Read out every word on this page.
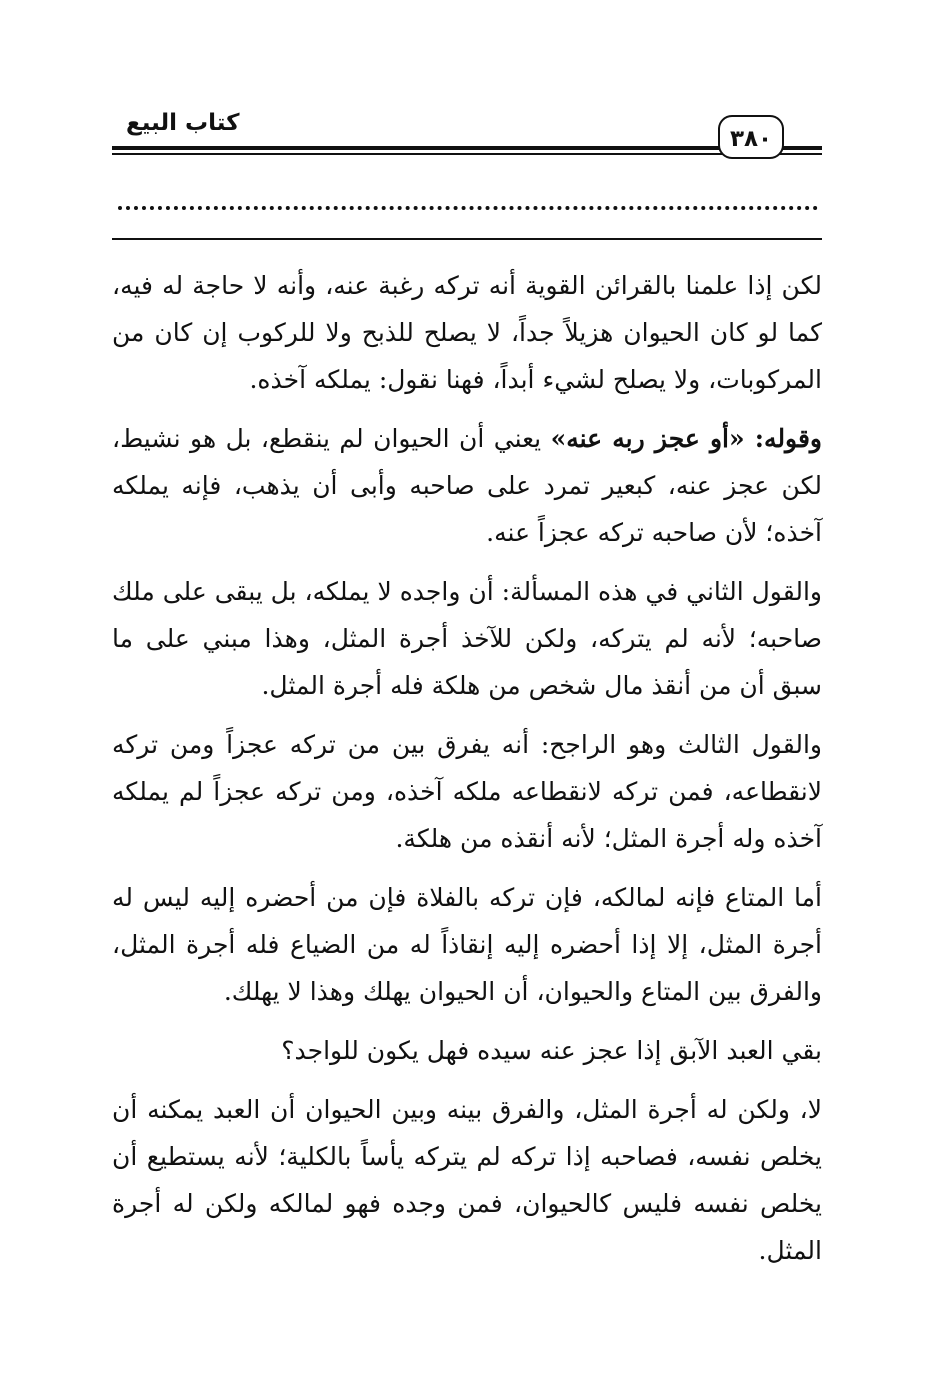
كتاب البيع
٣٨٠

لكن إذا علمنا بالقرائن القوية أنه تركه رغبة عنه، وأنه لا حاجة له فيه، كما لو كان الحيوان هزيلاً جداً، لا يصلح للذبح ولا للركوب إن كان من المركوبات، ولا يصلح لشيء أبداً، فهنا نقول: يملكه آخذه.

وقوله: «أو عجز ربه عنه» يعني أن الحيوان لم ينقطع، بل هو نشيط، لكن عجز عنه، كبعير تمرد على صاحبه وأبى أن يذهب، فإنه يملكه آخذه؛ لأن صاحبه تركه عجزاً عنه.

والقول الثاني في هذه المسألة: أن واجده لا يملكه، بل يبقى على ملك صاحبه؛ لأنه لم يتركه، ولكن للآخذ أجرة المثل، وهذا مبني على ما سبق أن من أنقذ مال شخص من هلكة فله أجرة المثل.

والقول الثالث وهو الراجح: أنه يفرق بين من تركه عجزاً ومن تركه لانقطاعه، فمن تركه لانقطاعه ملكه آخذه، ومن تركه عجزاً لم يملكه آخذه وله أجرة المثل؛ لأنه أنقذه من هلكة.

أما المتاع فإنه لمالكه، فإن تركه بالفلاة فإن من أحضره إليه ليس له أجرة المثل، إلا إذا أحضره إليه إنقاذاً له من الضياع فله أجرة المثل، والفرق بين المتاع والحيوان، أن الحيوان يهلك وهذا لا يهلك.

بقي العبد الآبق إذا عجز عنه سيده فهل يكون للواجد؟

لا، ولكن له أجرة المثل، والفرق بينه وبين الحيوان أن العبد يمكنه أن يخلص نفسه، فصاحبه إذا تركه لم يتركه يأساً بالكلية؛ لأنه يستطيع أن يخلص نفسه فليس كالحيوان، فمن وجده فهو لمالكه ولكن له أجرة المثل.
